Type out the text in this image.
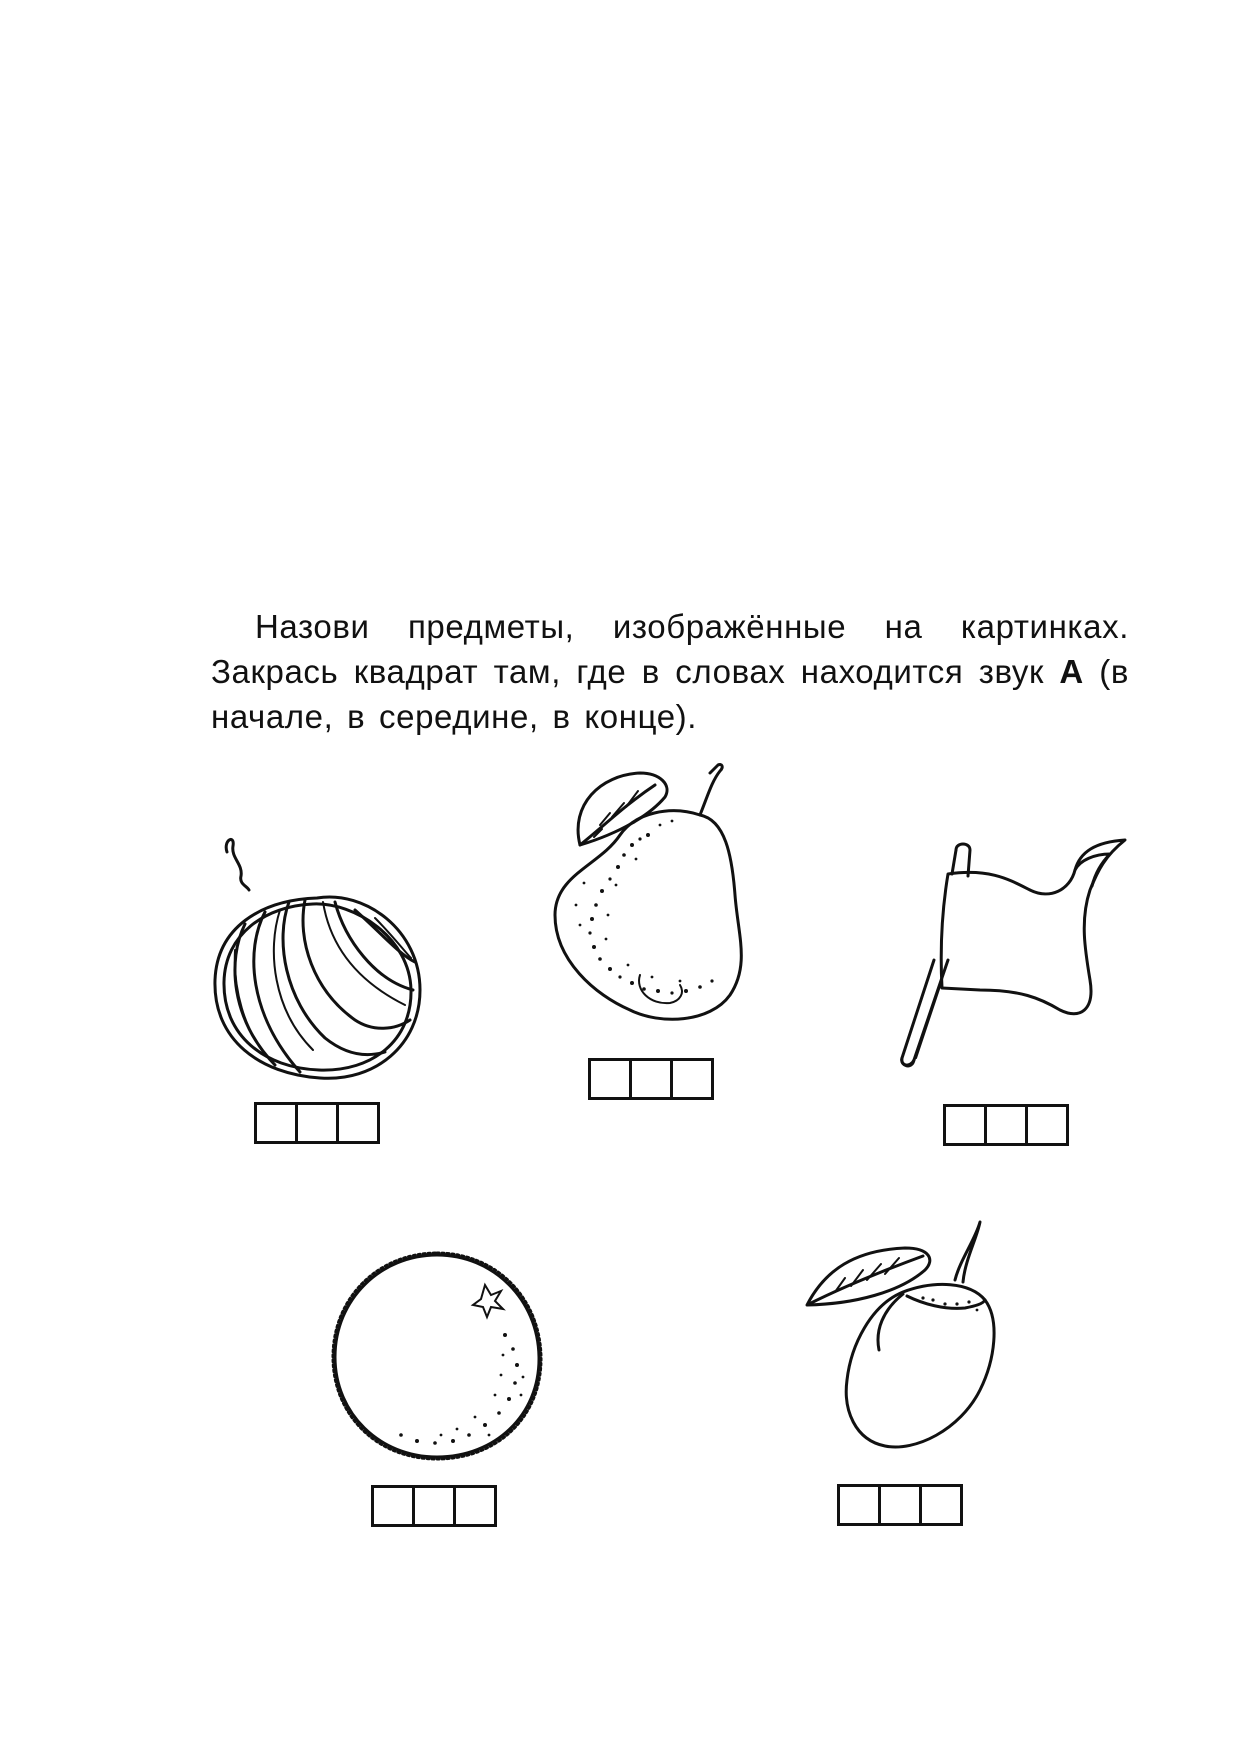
Назови предметы, изображённые на картинках. Закрась квадрат там, где в словах находится звук А (в начале, в середине, в конце).
